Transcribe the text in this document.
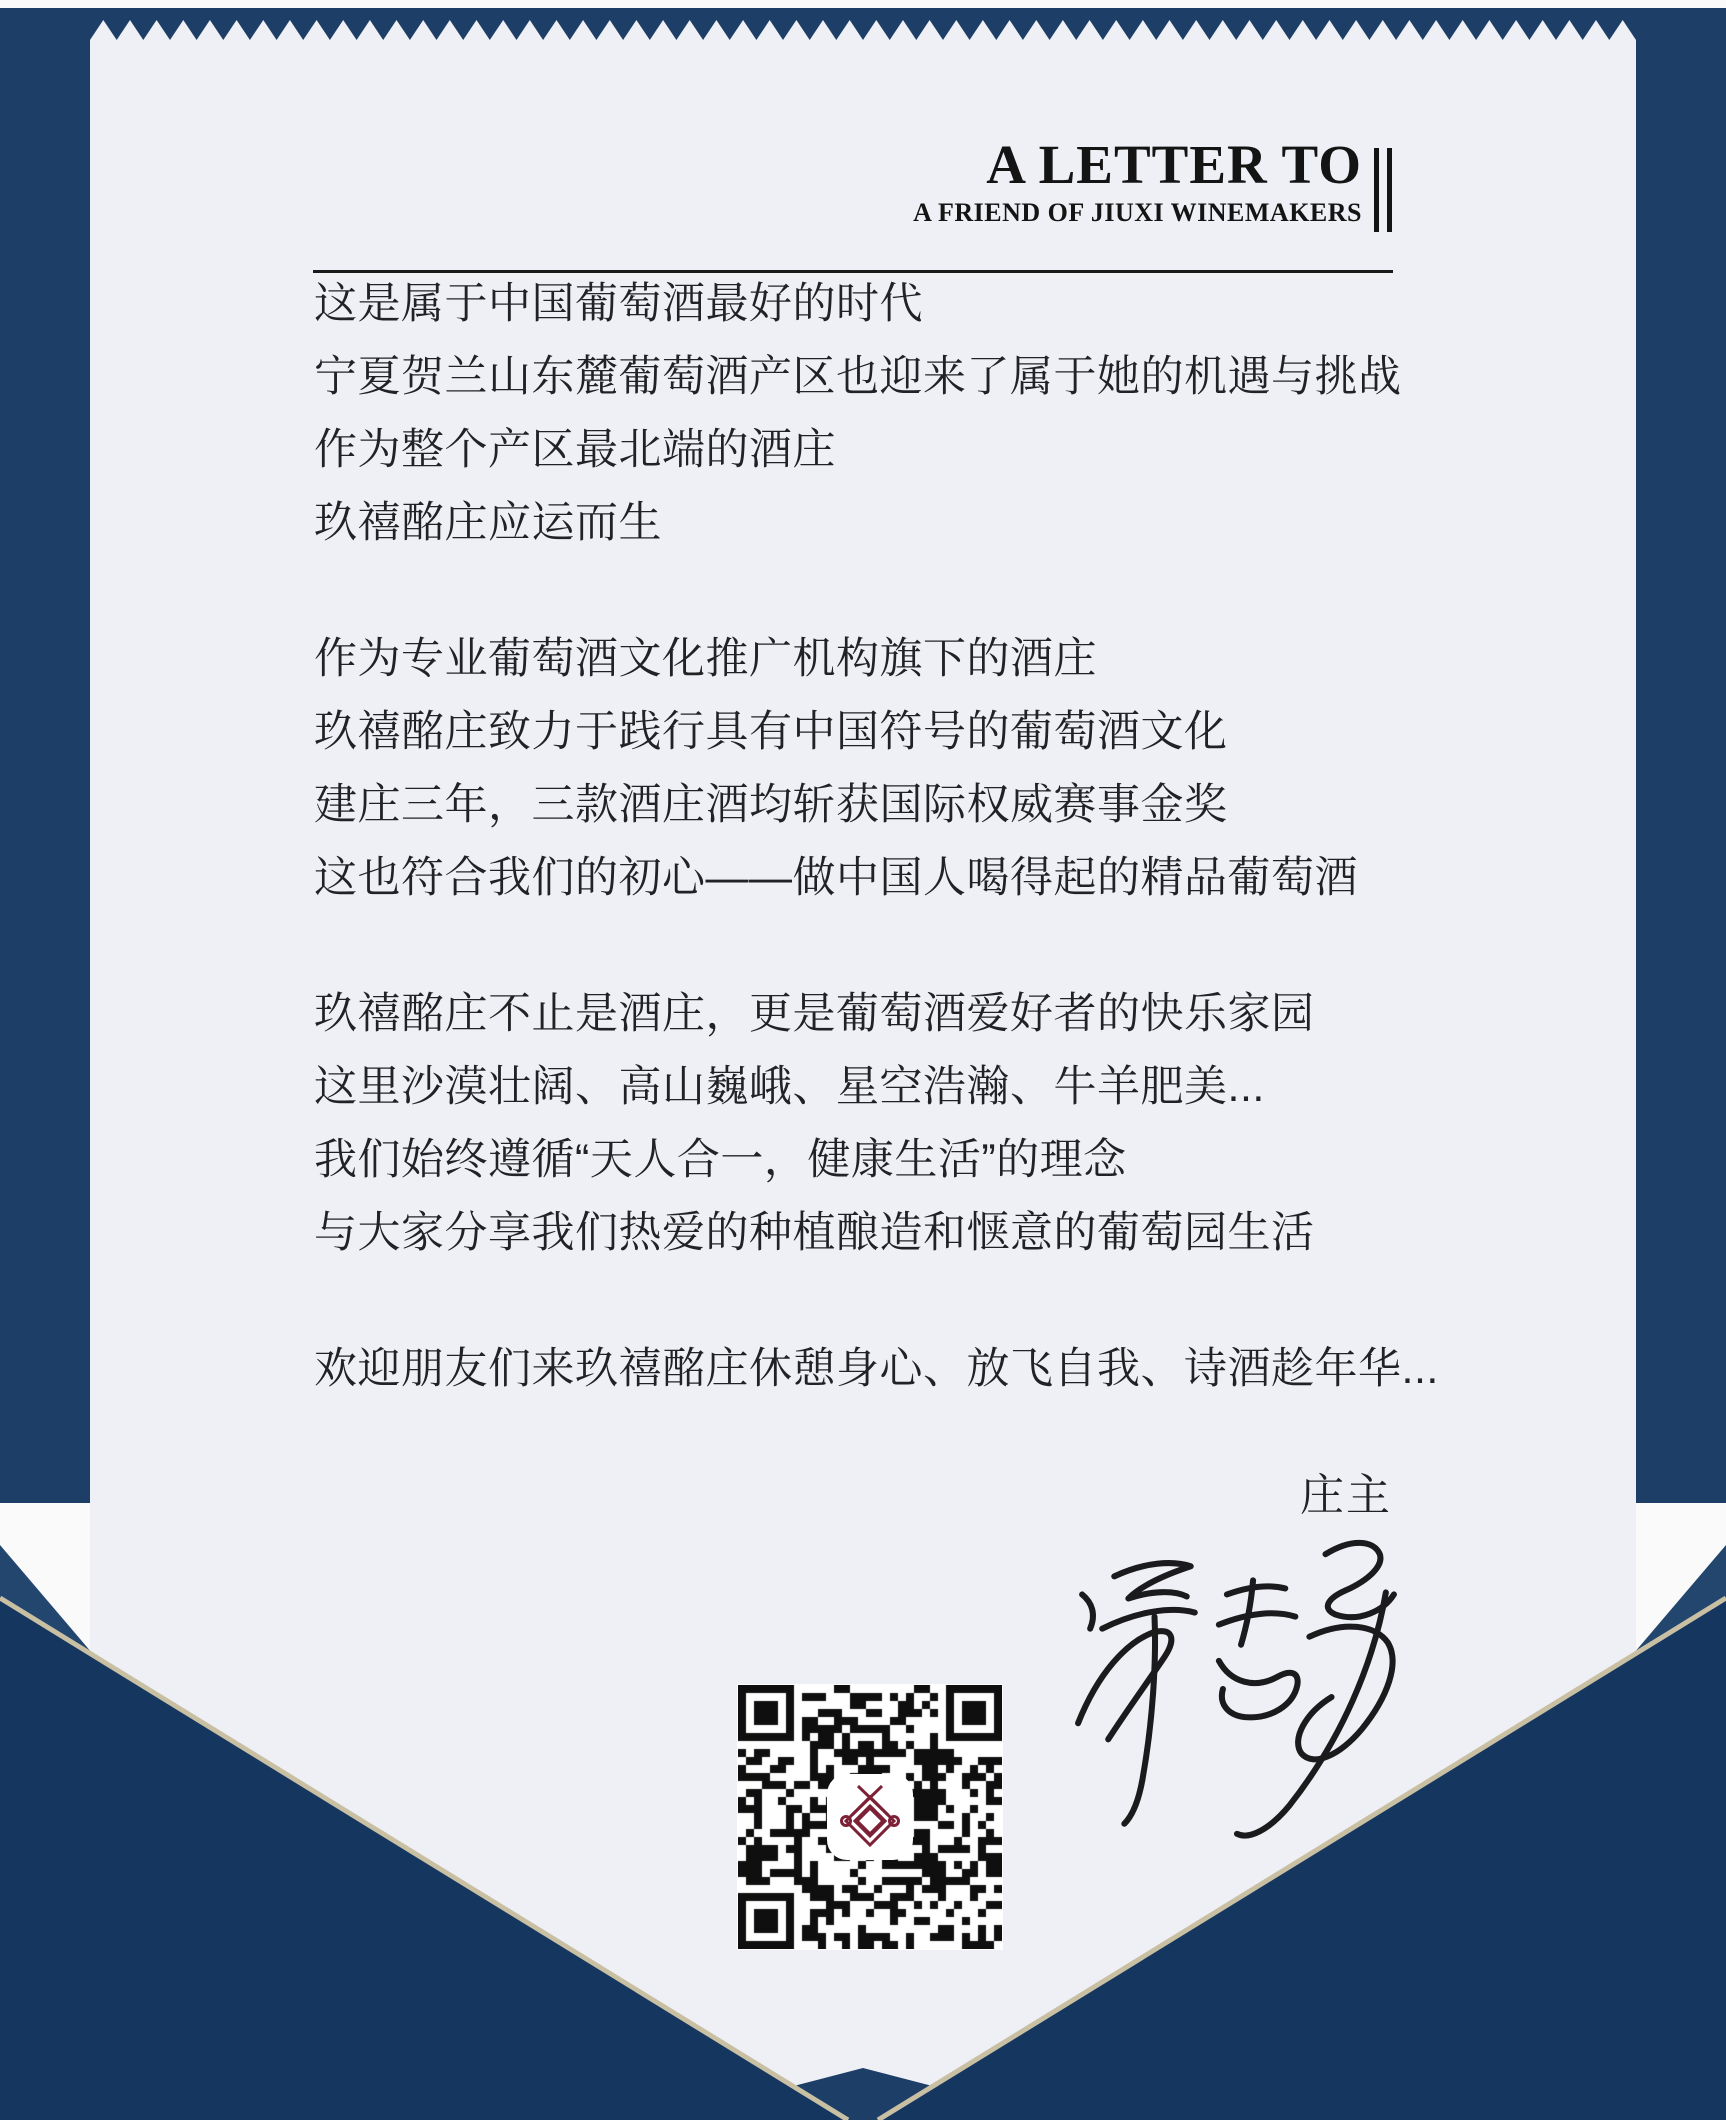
A LETTER TO
A FRIEND OF JIUXI WINEMAKERS

这是属于中国葡萄酒最好的时代
宁夏贺兰山东麓葡萄酒产区也迎来了属于她的机遇与挑战
作为整个产区最北端的酒庄
玖禧酩庄应运而生

作为专业葡萄酒文化推广机构旗下的酒庄
玖禧酩庄致力于践行具有中国符号的葡萄酒文化
建庄三年，三款酒庄酒均斩获国际权威赛事金奖
这也符合我们的初心——做中国人喝得起的精品葡萄酒

玖禧酩庄不止是酒庄，更是葡萄酒爱好者的快乐家园
这里沙漠壮阔、高山巍峨、星空浩瀚、牛羊肥美...
我们始终遵循“天人合一，健康生活”的理念
与大家分享我们热爱的种植酿造和惬意的葡萄园生活

欢迎朋友们来玖禧酩庄休憩身心、放飞自我、诗酒趁年华...

庄主
